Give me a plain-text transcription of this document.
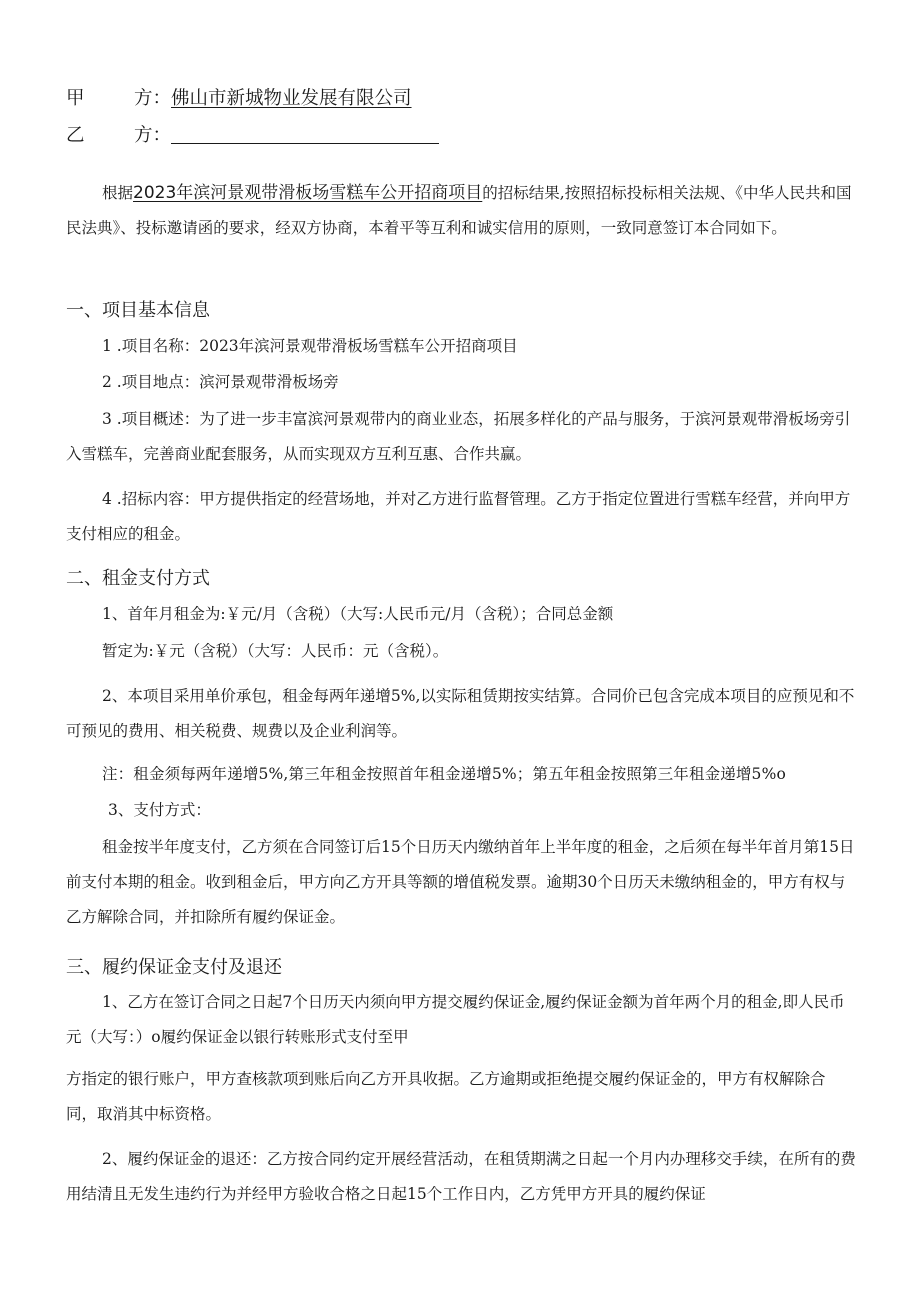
甲	方：佛山市新城物业发展有限公司
乙	方：
根据2023年滨河景观带滑板场雪糕车公开招商项目的招标结果,按照招标投标相关法规、《中华人民共和国民法典》、投标邀请函的要求，经双方协商，本着平等互利和诚实信用的原则，一致同意签订本合同如下。
一、项目基本信息
1 .项目名称：2023年滨河景观带滑板场雪糕车公开招商项目
2 .项目地点：滨河景观带滑板场旁
3 .项目概述：为了进一步丰富滨河景观带内的商业业态，拓展多样化的产品与服务，于滨河景观带滑板场旁引入雪糕车，完善商业配套服务，从而实现双方互利互惠、合作共赢。
4 .招标内容：甲方提供指定的经营场地，并对乙方进行监督管理。乙方于指定位置进行雪糕车经营，并向甲方支付相应的租金。
二、租金支付方式
1、首年月租金为:￥元/月（含税）（大写:人民币元/月（含税）；合同总金额
暂定为:￥元（含税）（大写：人民币：元（含税）。
2、本项目采用单价承包，租金每两年递增5%,以实际租赁期按实结算。合同价已包含完成本项目的应预见和不可预见的费用、相关税费、规费以及企业利润等。
注：租金须每两年递增5%,第三年租金按照首年租金递增5%；第五年租金按照第三年租金递增5%o
3、支付方式：
租金按半年度支付，乙方须在合同签订后15个日历天内缴纳首年上半年度的租金，之后须在每半年首月第15日前支付本期的租金。收到租金后，甲方向乙方开具等额的增值税发票。逾期30个日历天未缴纳租金的，甲方有权与乙方解除合同，并扣除所有履约保证金。
三、履约保证金支付及退还
1、乙方在签订合同之日起7个日历天内须向甲方提交履约保证金,履约保证金额为首年两个月的租金,即人民币元（大写：）o履约保证金以银行转账形式支付至甲
方指定的银行账户，甲方查核款项到账后向乙方开具收据。乙方逾期或拒绝提交履约保证金的，甲方有权解除合同，取消其中标资格。
2、履约保证金的退还：乙方按合同约定开展经营活动，在租赁期满之日起一个月内办理移交手续，在所有的费用结清且无发生违约行为并经甲方验收合格之日起15个工作日内，乙方凭甲方开具的履约保证
